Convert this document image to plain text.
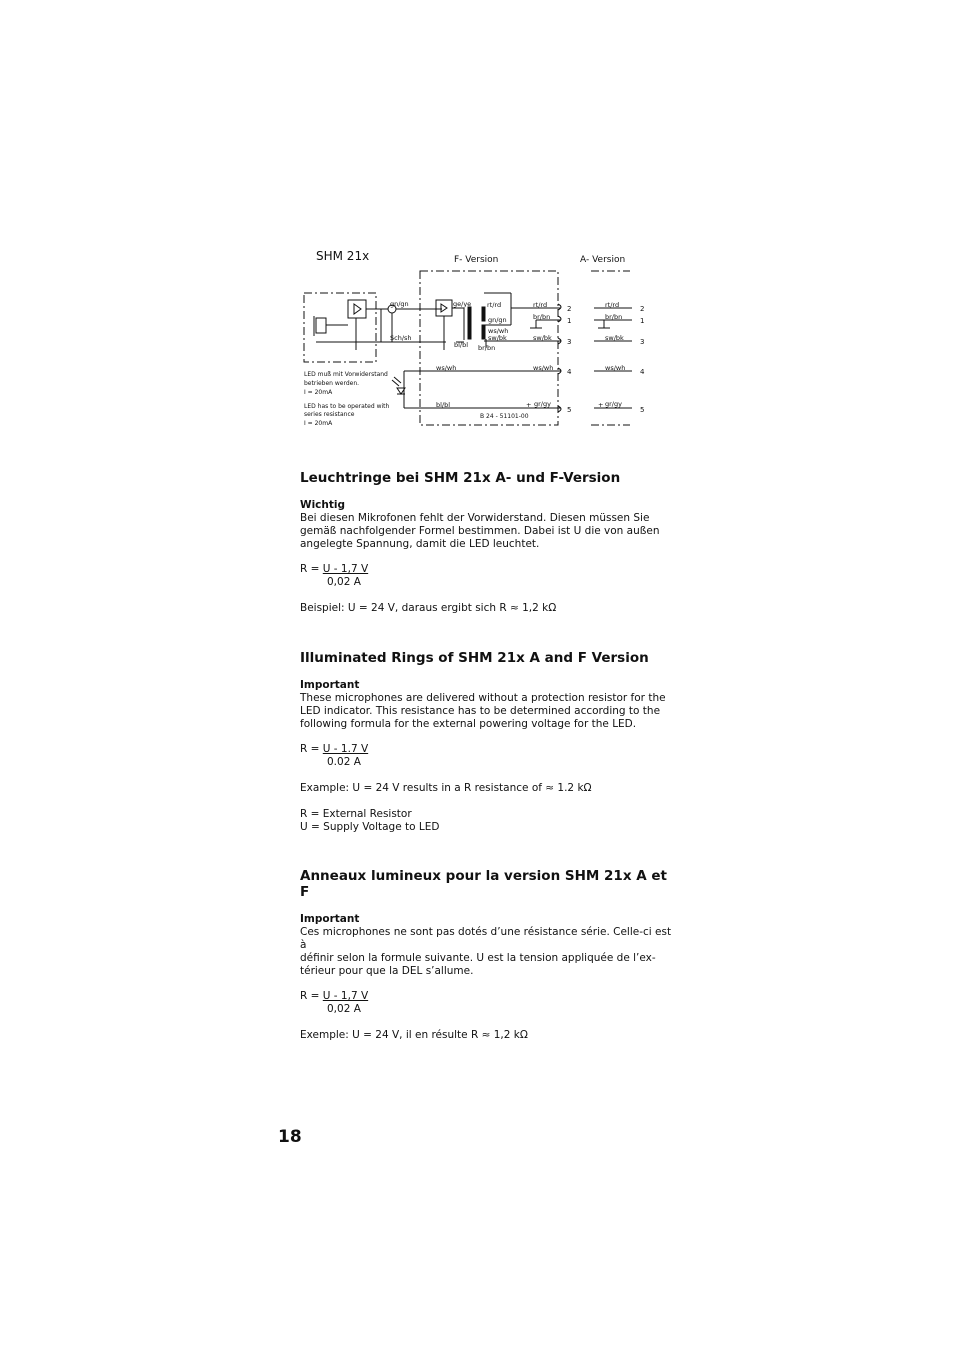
SHM 21x	F- Version	A- Version
gn/gn
Sch/sh
ge/ye
gn/gn
ws/wh
sw/bk
bl/bl br/bn
rt/rd	rt/rd
br/bn
sw/bk
ws/wh	ws/wh
bl/bl	+ gr/gy
rt/rd
br/bn
sw/bk
ws/wh
+ gr/gy
2
1
3
4
5
2
1
3
4
5
LED muß mit Vorwiderstand
betrieben werden.
I = 20mA
LED has to be operated with
series resistance
I = 20mA
B 24 - 51101-00
Leuchtringe bei SHM 21x A- und F-Version
Wichtig
Bei diesen Mikrofonen fehlt der Vorwiderstand. Diesen müssen Sie
gemäß nachfolgender Formel bestimmen. Dabei ist U die von außen
angelegte Spannung, damit die LED leuchtet.
R = U - 1,7 V
0,02 A
Beispiel: U = 24 V, daraus ergibt sich R ≈ 1,2 kΩ
Illuminated Rings of SHM 21x A and F Version
Important
These microphones are delivered without a protection resistor for the
LED indicator. This resistance has to be determined according to the
following formula for the external powering voltage for the LED.
R = U - 1.7 V
0.02 A
Example: U = 24 V results in a R resistance of ≈ 1.2 kΩ
R = External Resistor
U = Supply Voltage to LED
Anneaux lumineux pour la version SHM 21x A et F
Important
Ces microphones ne sont pas dotés d’une résistance série. Celle-ci est à
définir selon la formule suivante. U est la tension appliquée de l’ex-
térieur pour que la DEL s’allume.
R = U - 1,7 V
0,02 A
Exemple: U = 24 V, il en résulte R ≈ 1,2 kΩ
18
